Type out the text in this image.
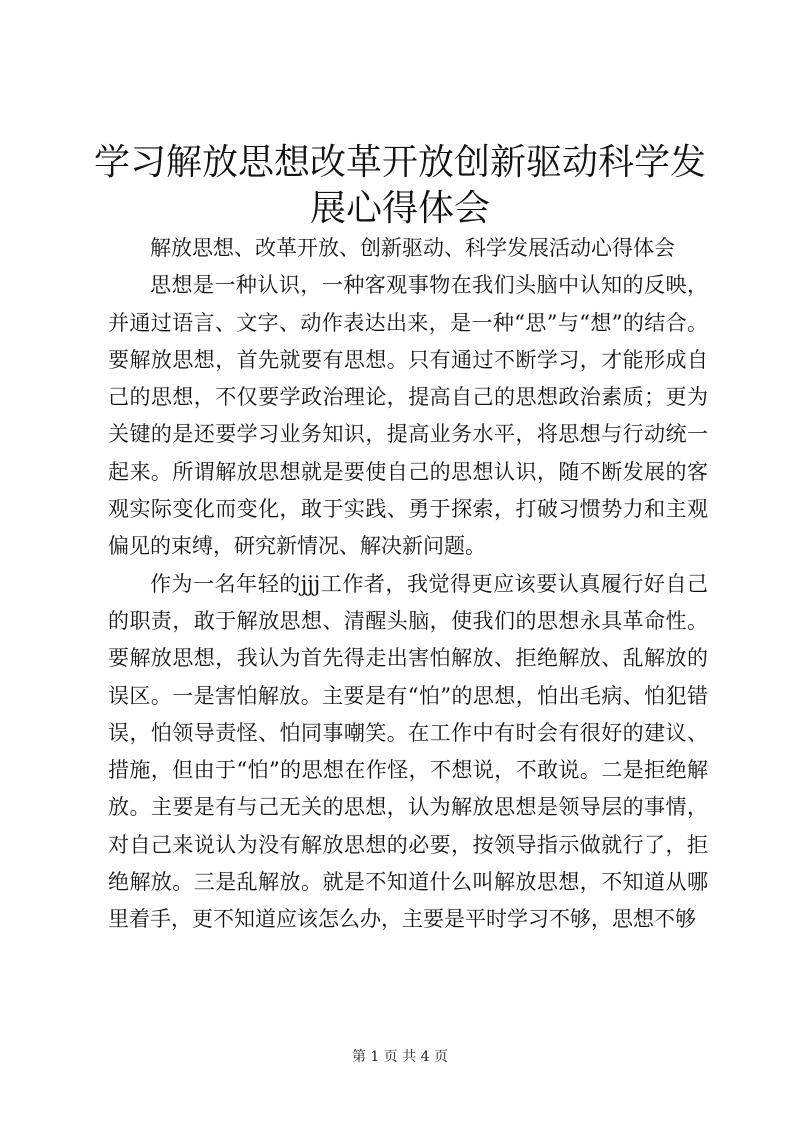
学习解放思想改革开放创新驱动科学发展心得体会

解放思想、改革开放、创新驱动、科学发展活动心得体会

思想是一种认识，一种客观事物在我们头脑中认知的反映，并通过语言、文字、动作表达出来，是一种“思”与“想”的结合。要解放思想，首先就要有思想。只有通过不断学习，才能形成自己的思想，不仅要学政治理论，提高自己的思想政治素质；更为关键的是还要学习业务知识，提高业务水平，将思想与行动统一起来。所谓解放思想就是要使自己的思想认识，随不断发展的客观实际变化而变化，敢于实践、勇于探索，打破习惯势力和主观偏见的束缚，研究新情况、解决新问题。

作为一名年轻的jjj工作者，我觉得更应该要认真履行好自己的职责，敢于解放思想、清醒头脑，使我们的思想永具革命性。要解放思想，我认为首先得走出害怕解放、拒绝解放、乱解放的误区。一是害怕解放。主要是有“怕”的思想，怕出毛病、怕犯错误，怕领导责怪、怕同事嘲笑。在工作中有时会有很好的建议、措施，但由于“怕”的思想在作怪，不想说，不敢说。二是拒绝解放。主要是有与己无关的思想，认为解放思想是领导层的事情，对自己来说认为没有解放思想的必要，按领导指示做就行了，拒绝解放。三是乱解放。就是不知道什么叫解放思想，不知道从哪里着手，更不知道应该怎么办，主要是平时学习不够，思想不够

第 1 页 共 4 页
